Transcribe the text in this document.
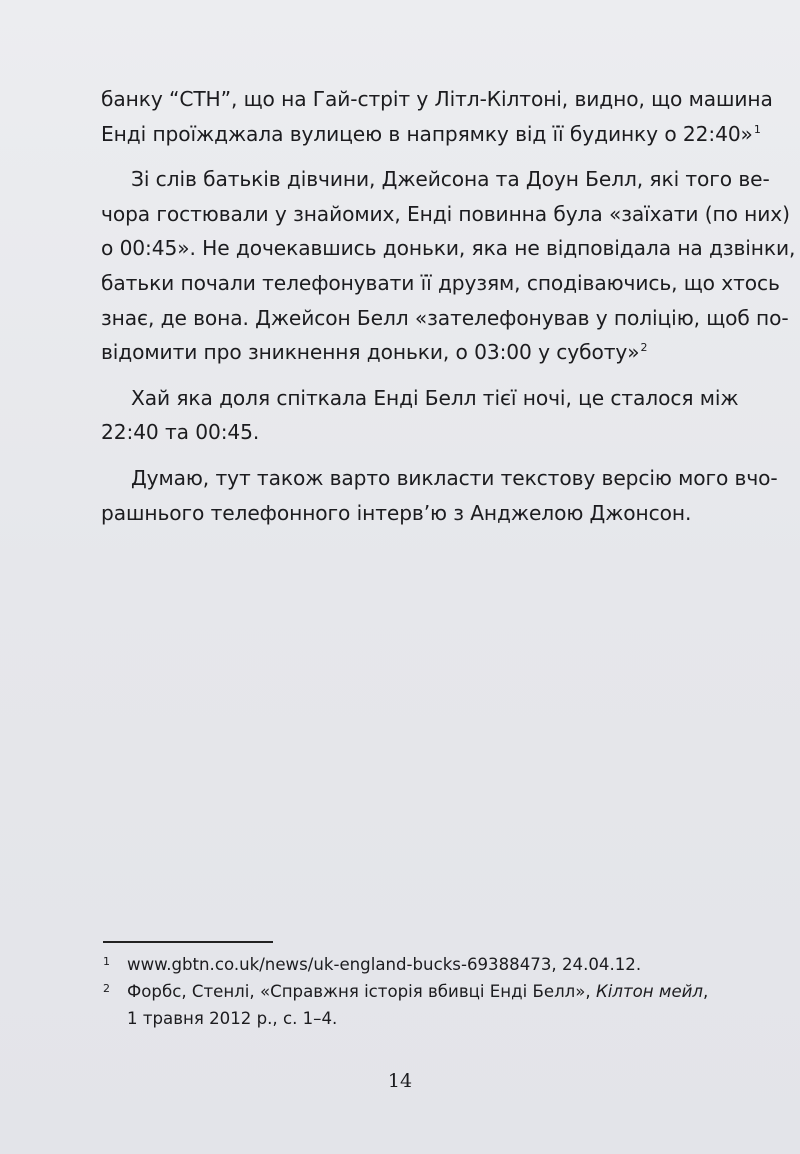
банку “СТН”, що на Гай-стріт у Літл-Кілтоні, видно, що машина
Енді проїжджала вулицею в напрямку від її будинку о 22:40»$^1$

Зі слів батьків дівчини, Джейсона та Доун Белл, які того ве-
чора гостювали у знайомих, Енді повинна була «заїхати (по них)
о 00:45». Не дочекавшись доньки, яка не відповідала на дзвінки,
батьки почали телефонувати її друзям, сподіваючись, що хтось
знає, де вона. Джейсон Белл «зателефонував у поліцію, щоб по-
відомити про зникнення доньки, о 03:00 у суботу»$^2$

Хай яка доля спіткала Енді Белл тієї ночі, це сталося між
22:40 та 00:45.

Думаю, тут також варто викласти текстову версію мого вчо-
рашнього телефонного інтерв’ю з Анджелою Джонсон.

1 www.gbtn.co.uk/news/uk-england-bucks-69388473, 24.04.12.
2 Форбс, Стенлі, «Справжня історія вбивці Енді Белл», Кілтон мейл,
1 травня 2012 р., с. 1–4.
14
